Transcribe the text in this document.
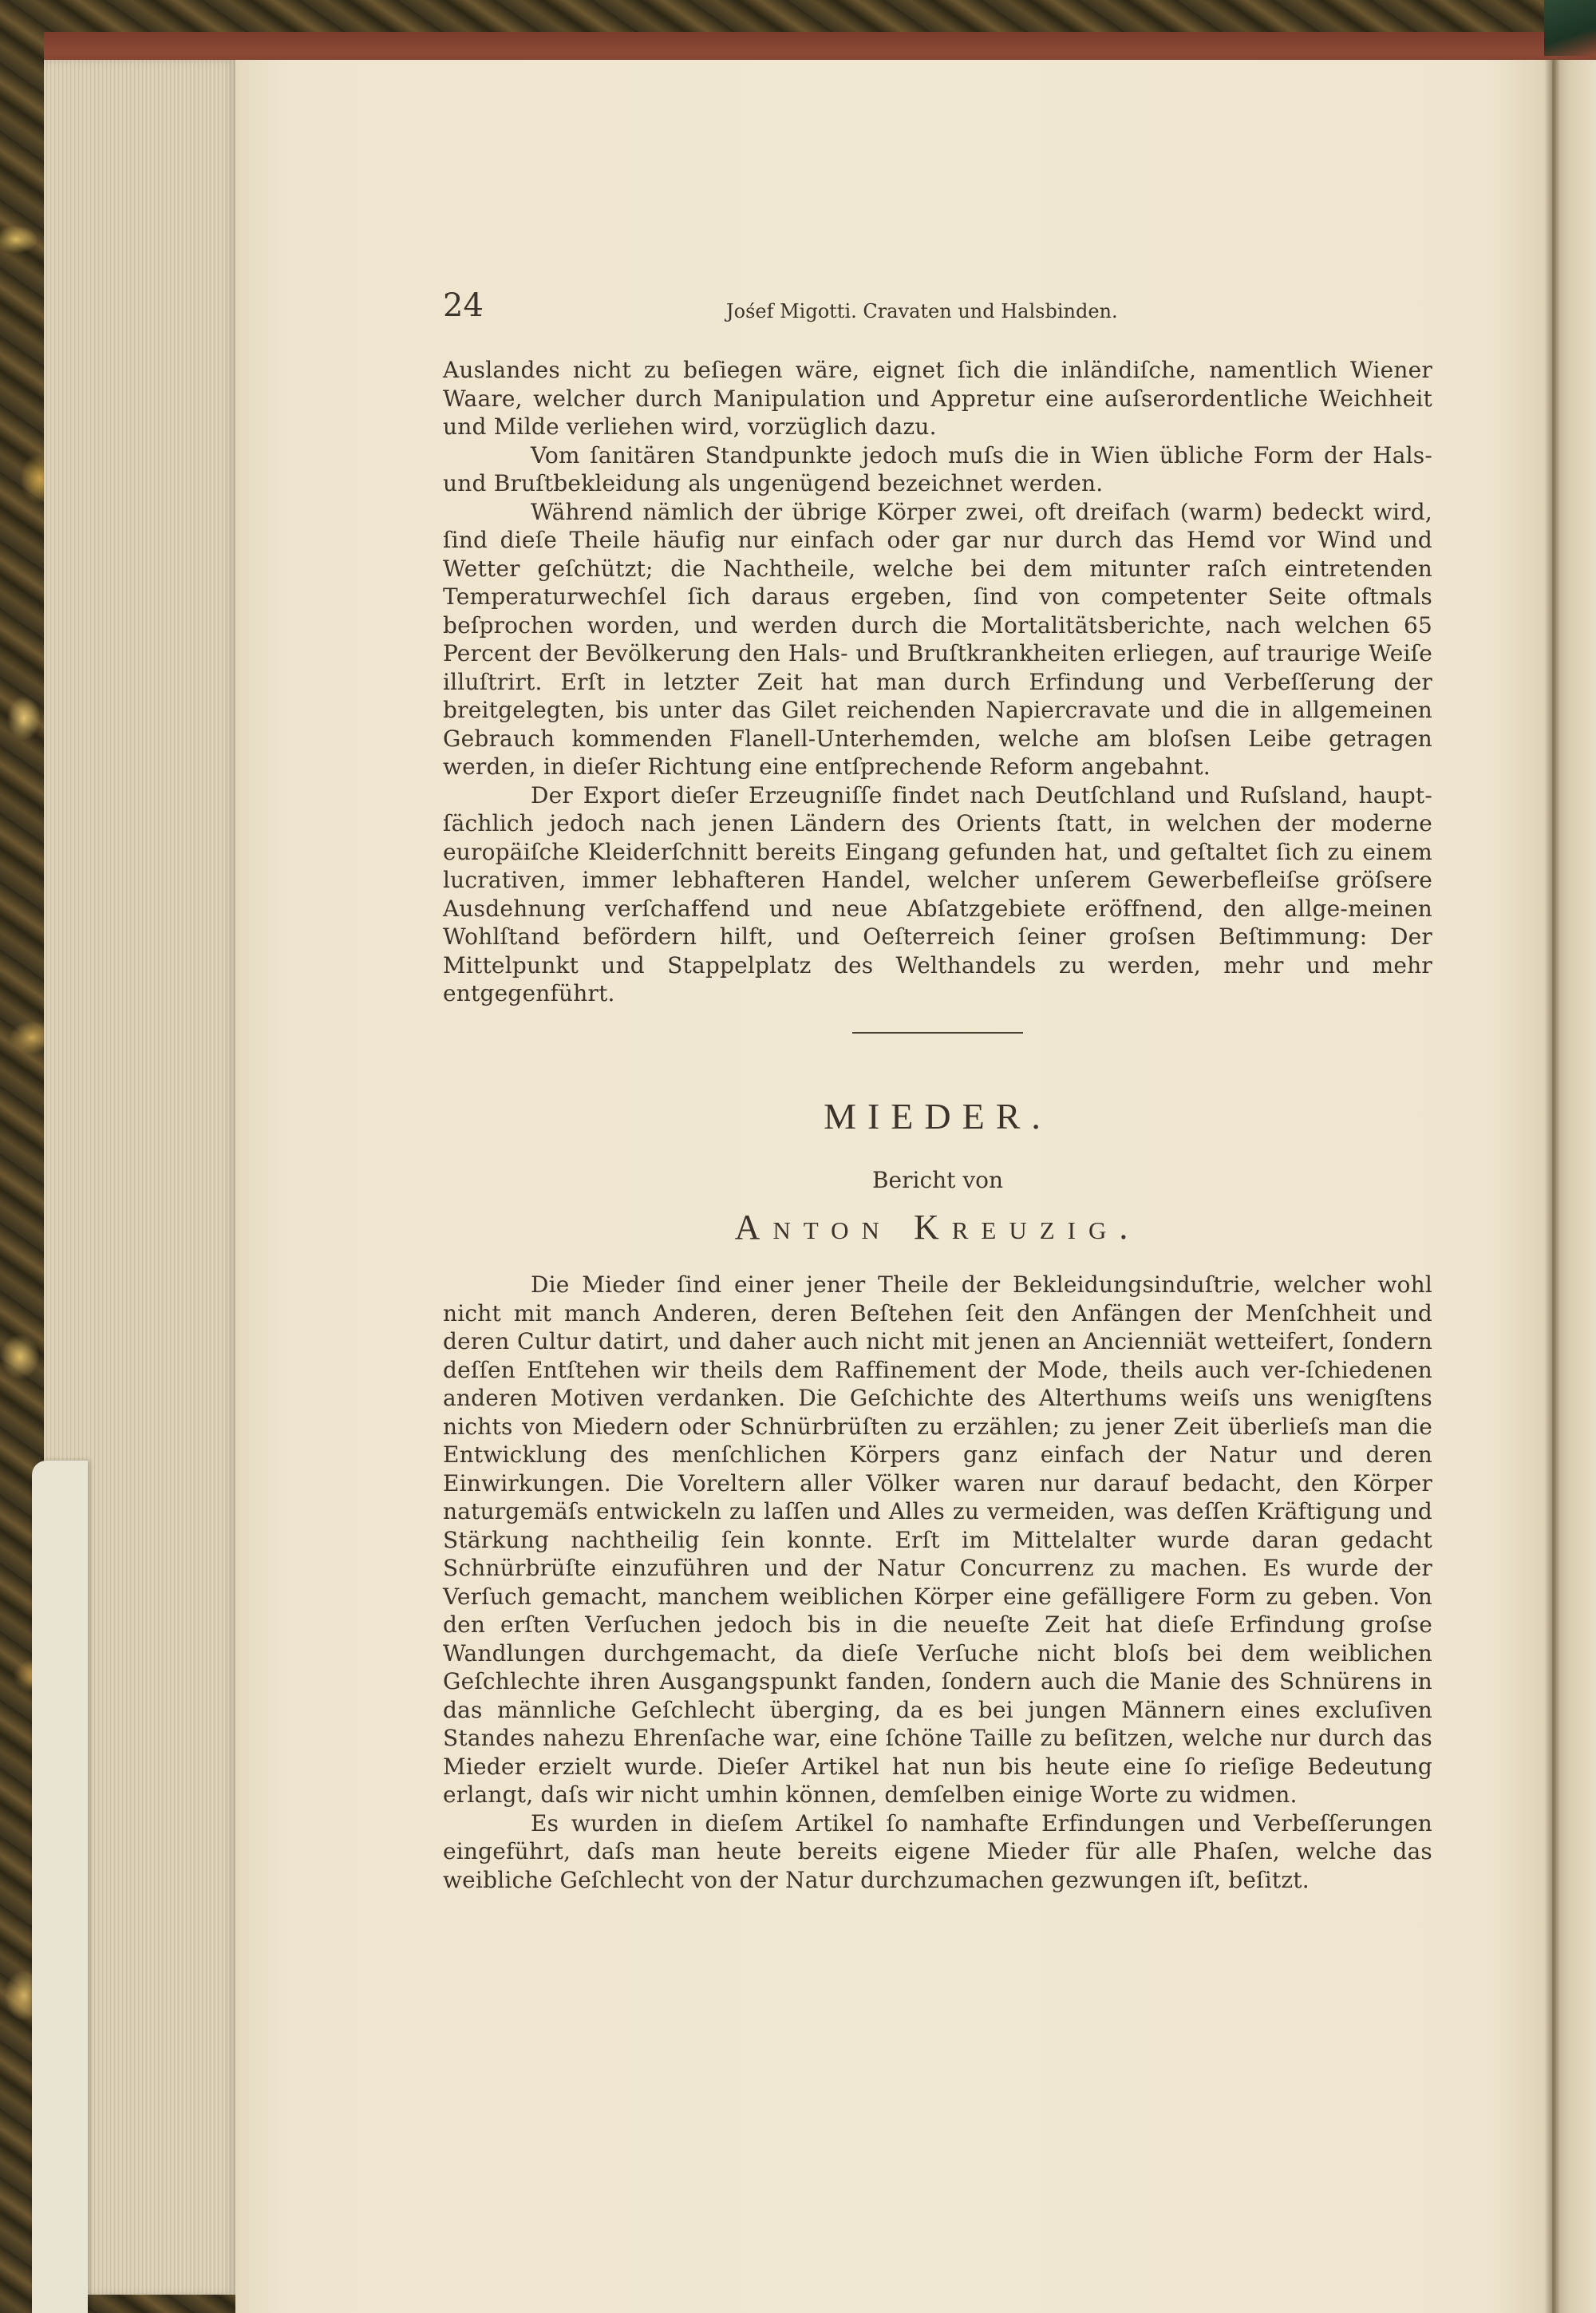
24	Jośef Migotti. Cravaten und Halsbinden.

Auslandes nicht zu beſiegen wäre, eignet ſich die inländiſche, namentlich Wiener Waare, welcher durch Manipulation und Appretur eine auſserordentliche Weichheit und Milde verliehen wird, vorzüglich dazu.

Vom ſanitären Standpunkte jedoch muſs die in Wien übliche Form der Hals- und Bruſtbekleidung als ungenügend bezeichnet werden.

Während nämlich der übrige Körper zwei, oft dreifach (warm) bedeckt wird, ſind dieſe Theile häufig nur einfach oder gar nur durch das Hemd vor Wind und Wetter geſchützt; die Nachtheile, welche bei dem mitunter raſch eintretenden Temperaturwechſel ſich daraus ergeben, ſind von competenter Seite oftmals beſprochen worden, und werden durch die Mortalitätsberichte, nach welchen 65 Percent der Bevölkerung den Hals- und Bruſtkrankheiten erliegen, auf traurige Weiſe illuſtrirt. Erſt in letzter Zeit hat man durch Erfindung und Verbeſſerung der breitgelegten, bis unter das Gilet reichenden Napiercravate und die in allgemeinen Gebrauch kommenden Flanell-Unterhemden, welche am bloſsen Leibe getragen werden, in dieſer Richtung eine entſprechende Reform angebahnt.

Der Export dieſer Erzeugniſſe findet nach Deutſchland und Ruſsland, haupt-ſächlich jedoch nach jenen Ländern des Orients ſtatt, in welchen der moderne europäiſche Kleiderſchnitt bereits Eingang gefunden hat, und geſtaltet ſich zu einem lucrativen, immer lebhafteren Handel, welcher unſerem Gewerbefleiſse gröſsere Ausdehnung verſchaffend und neue Abſatzgebiete eröffnend, den allge-meinen Wohlſtand befördern hilft, und Oeſterreich ſeiner groſsen Beſtimmung: Der Mittelpunkt und Stappelplatz des Welthandels zu werden, mehr und mehr entgegenführt.

MIEDER.
Bericht von
Anton Kreuzig.

Die Mieder ſind einer jener Theile der Bekleidungsinduſtrie, welcher wohl nicht mit manch Anderen, deren Beſtehen ſeit den Anfängen der Menſchheit und deren Cultur datirt, und daher auch nicht mit jenen an Ancienniät wetteifert, ſondern deſſen Entſtehen wir theils dem Raffinement der Mode, theils auch ver-ſchiedenen anderen Motiven verdanken. Die Geſchichte des Alterthums weiſs uns wenigſtens nichts von Miedern oder Schnürbrüſten zu erzählen; zu jener Zeit überlieſs man die Entwicklung des menſchlichen Körpers ganz einfach der Natur und deren Einwirkungen. Die Voreltern aller Völker waren nur darauf bedacht, den Körper naturgemäſs entwickeln zu laſſen und Alles zu vermeiden, was deſſen Kräftigung und Stärkung nachtheilig ſein konnte. Erſt im Mittelalter wurde daran gedacht Schnürbrüſte einzuführen und der Natur Concurrenz zu machen. Es wurde der Verſuch gemacht, manchem weiblichen Körper eine gefälligere Form zu geben. Von den erſten Verſuchen jedoch bis in die neueſte Zeit hat dieſe Erfindung groſse Wandlungen durchgemacht, da dieſe Verſuche nicht bloſs bei dem weiblichen Geſchlechte ihren Ausgangspunkt fanden, ſondern auch die Manie des Schnürens in das männliche Geſchlecht überging, da es bei jungen Männern eines excluſiven Standes nahezu Ehrenſache war, eine ſchöne Taille zu beſitzen, welche nur durch das Mieder erzielt wurde. Dieſer Artikel hat nun bis heute eine ſo rieſige Bedeutung erlangt, daſs wir nicht umhin können, demſelben einige Worte zu widmen.

Es wurden in dieſem Artikel ſo namhafte Erfindungen und Verbeſſerungen eingeführt, daſs man heute bereits eigene Mieder für alle Phaſen, welche das weibliche Geſchlecht von der Natur durchzumachen gezwungen iſt, beſitzt.
